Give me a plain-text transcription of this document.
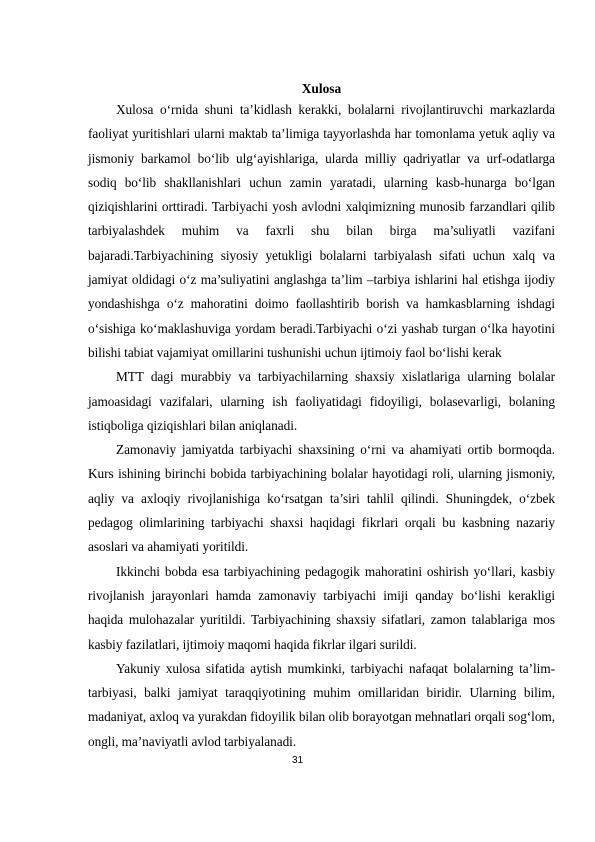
Xulosa

Xulosa o‘rnida shuni ta’kidlash kerakki, bolalarni rivojlantiruvchi markazlarda faoliyat yuritishlari ularni maktab ta’limiga tayyorlashda har tomonlama yetuk aqliy va jismoniy barkamol bo‘lib ulg‘ayishlariga, ularda milliy qadriyatlar va urf-odatlarga sodiq bo‘lib shakllanishlari uchun zamin yaratadi, ularning kasb-hunarga bo‘lgan qiziqishlarini orttiradi. Tarbiyachi yosh avlodni xalqimizning munosib farzandlari qilib tarbiyalashdek muhim va faxrli shu bilan birga ma’suliyatli vazifani bajaradi.Tarbiyachining siyosiy yetukligi bolalarni tarbiyalash sifati uchun xalq va jamiyat oldidagi o‘z ma’suliyatini anglashga ta’lim –tarbiya ishlarini hal etishga ijodiy yondashishga o‘z mahoratini doimo faollashtirib borish va hamkasblarning ishdagi o‘sishiga ko‘maklashuviga yordam beradi.Tarbiyachi o‘zi yashab turgan o‘lka hayotini bilishi tabiat vajamiyat omillarini tushunishi uchun ijtimoiy faol bo‘lishi kerak

MTT dagi murabbiy va tarbiyachilarning shaxsiy xislatlariga ularning bolalar jamoasidagi vazifalari, ularning ish faoliyatidagi fidoyiligi, bolasevarligi, bolaning istiqboliga qiziqishlari bilan aniqlanadi.

Zamonaviy jamiyatda tarbiyachi shaxsining o‘rni va ahamiyati ortib bormoqda. Kurs ishining birinchi bobida tarbiyachining bolalar hayotidagi roli, ularning jismoniy, aqliy va axloqiy rivojlanishiga ko‘rsatgan ta’siri tahlil qilindi. Shuningdek, o‘zbek pedagog olimlarining tarbiyachi shaxsi haqidagi fikrlari orqali bu kasbning nazariy asoslari va ahamiyati yoritildi.

Ikkinchi bobda esa tarbiyachining pedagogik mahoratini oshirish yo‘llari, kasbiy rivojlanish jarayonlari hamda zamonaviy tarbiyachi imiji qanday bo‘lishi kerakligi haqida mulohazalar yuritildi. Tarbiyachining shaxsiy sifatlari, zamon talablariga mos kasbiy fazilatlari, ijtimoiy maqomi haqida fikrlar ilgari surildi.

Yakuniy xulosa sifatida aytish mumkinki, tarbiyachi nafaqat bolalarning ta’lim-tarbiyasi, balki jamiyat taraqqiyotining muhim omillaridan biridir. Ularning bilim, madaniyat, axloq va yurakdan fidoyilik bilan olib borayotgan mehnatlari orqali sog‘lom, ongli, ma’naviyatli avlod tarbiyalanadi.

31
